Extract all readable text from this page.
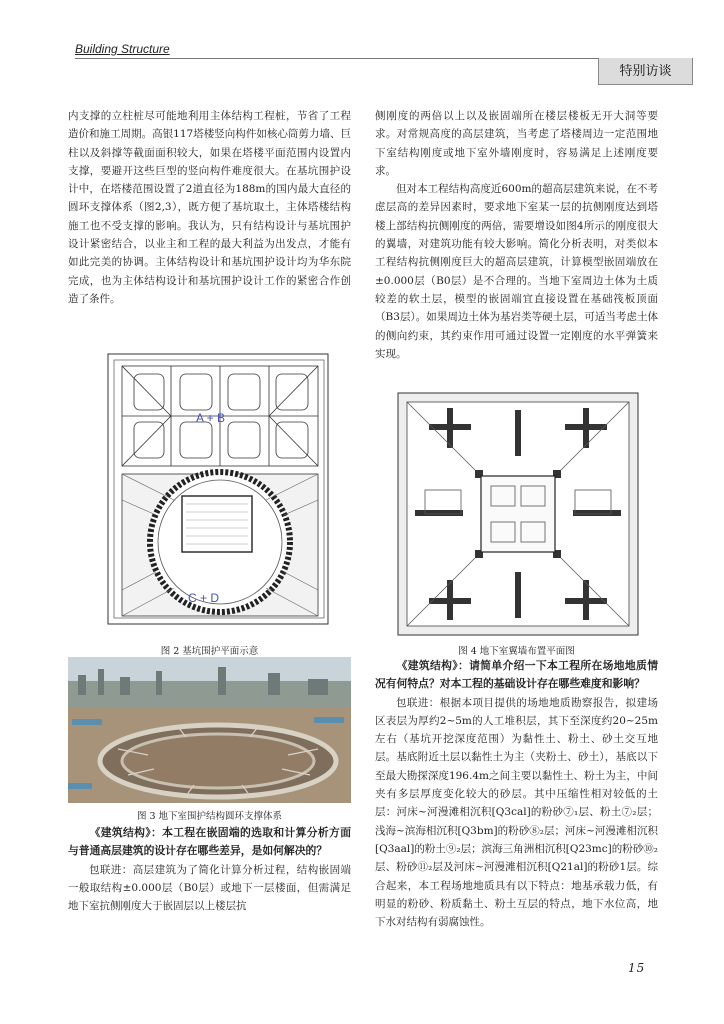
Building Structure
特别访谈

内支撑的立柱桩尽可能地利用主体结构工程桩，节省了工程造价和施工周期。高银117塔楼竖向构件如核心筒剪力墙、巨柱以及斜撑等截面面积较大，如果在塔楼平面范围内设置内支撑，要避开这些巨型的竖向构件难度很大。在基坑围护设计中，在塔楼范围设置了2道直径为188m的国内最大直径的圆环支撑体系（图2,3），既方便了基坑取土，主体塔楼结构施工也不受支撑的影响。我认为，只有结构设计与基坑围护设计紧密结合，以业主和工程的最大利益为出发点，才能有如此完美的协调。主体结构设计和基坑围护设计均为华东院完成，也为主体结构设计和基坑围护设计工作的紧密合作创造了条件。

侧刚度的两倍以上以及嵌固端所在楼层楼板无开大洞等要求。对常规高度的高层建筑，当考虑了塔楼周边一定范围地下室结构刚度或地下室外墙刚度时，容易满足上述刚度要求。

但对本工程结构高度近600m的超高层建筑来说，在不考虑层高的差异因素时，要求地下室某一层的抗侧刚度达到塔楼上部结构抗侧刚度的两倍，需要增设如图4所示的刚度很大的翼墙，对建筑功能有较大影响。简化分析表明，对类似本工程结构抗侧刚度巨大的超高层建筑，计算模型嵌固端放在±0.000层（B0层）是不合理的。当地下室周边土体为土质较差的软土层，模型的嵌固端宜直接设置在基础筏板顶面（B3层）。如果周边土体为基岩类等硬土层，可适当考虑土体的侧向约束，其约束作用可通过设置一定刚度的水平弹簧来实现。

A + B
C + D
图 2 基坑围护平面示意	图 4 地下室翼墙布置平面图
图 3 地下室围护结构圆环支撑体系

《建筑结构》：本工程在嵌固端的选取和计算分析方面与普通高层建筑的设计存在哪些差异，是如何解决的？

包联进：高层建筑为了简化计算分析过程，结构嵌固端一般取结构±0.000层（B0层）或地下一层楼面，但需满足地下室抗侧刚度大于嵌固层以上楼层抗

《建筑结构》：请简单介绍一下本工程所在场地地质情况有何特点？对本工程的基础设计存在哪些难度和影响？

包联进：根据本项目提供的场地地质勘察报告，拟建场区表层为厚约2~5m的人工堆积层，其下至深度约20~25m左右（基坑开挖深度范围）为黏性土、粉土、砂土交互地层。基底附近土层以黏性土为主（夹粉土、砂土），基底以下至最大勘探深度196.4m之间主要以黏性土、粉土为主，中间夹有多层厚度变化较大的砂层。其中压缩性相对较低的土层：河床~河漫滩相沉积[Q3cal]的粉砂⑦₁层、粉土⑦₂层；浅海~滨海相沉积[Q3bm]的粉砂⑧₂层；河床~河漫滩相沉积[Q3aal]的粉土⑨₂层；滨海三角洲相沉积[Q23mc]的粉砂⑩₂层、粉砂⑪₂层及河床~河漫滩相沉积[Q21al]的粉砂1层。综合起来，本工程场地地质具有以下特点：地基承载力低，有明显的粉砂、粉质黏土、粉土互层的特点，地下水位高，地下水对结构有弱腐蚀性。

15
